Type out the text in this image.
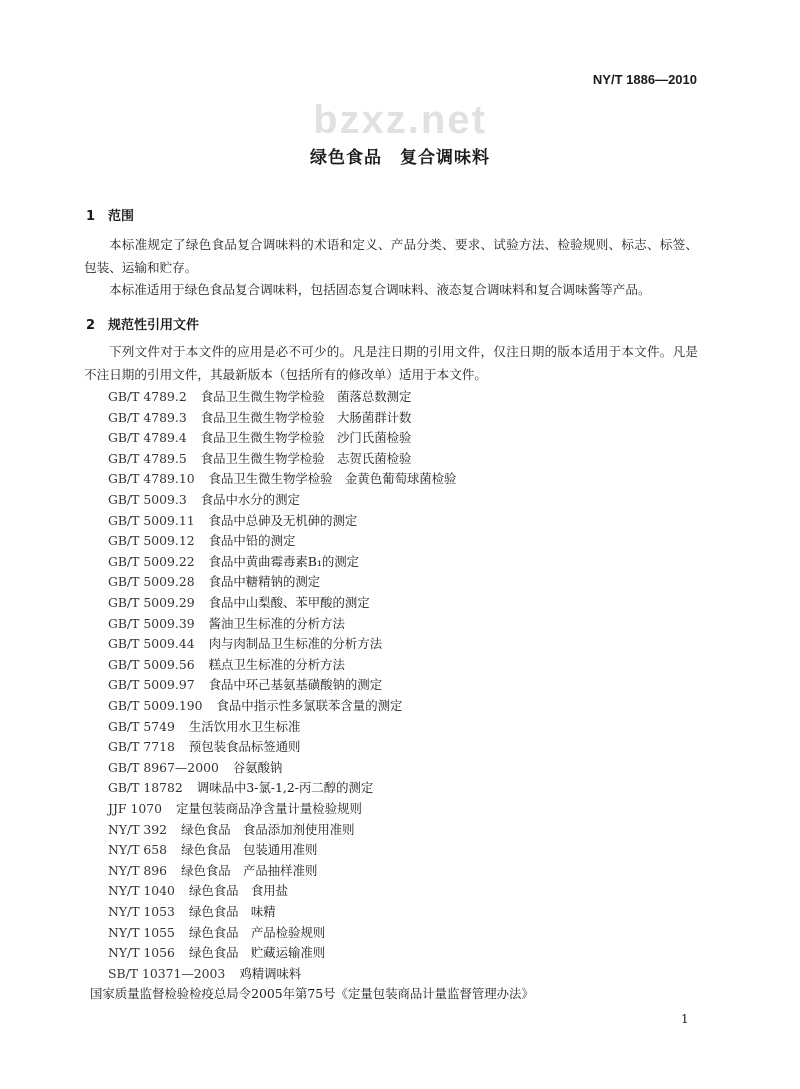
bzxz.net
NY/T 1886—2010
绿色食品　复合调味料
1 范围
本标准规定了绿色食品复合调味料的术语和定义、产品分类、要求、试验方法、检验规则、标志、标签、包装、运输和贮存。
本标准适用于绿色食品复合调味料，包括固态复合调味料、液态复合调味料和复合调味酱等产品。
2 规范性引用文件
下列文件对于本文件的应用是必不可少的。凡是注日期的引用文件，仅注日期的版本适用于本文件。凡是不注日期的引用文件，其最新版本（包括所有的修改单）适用于本文件。
GB/T 4789.2 食品卫生微生物学检验　菌落总数测定
GB/T 4789.3 食品卫生微生物学检验　大肠菌群计数
GB/T 4789.4 食品卫生微生物学检验　沙门氏菌检验
GB/T 4789.5 食品卫生微生物学检验　志贺氏菌检验
GB/T 4789.10 食品卫生微生物学检验　金黄色葡萄球菌检验
GB/T 5009.3 食品中水分的测定
GB/T 5009.11 食品中总砷及无机砷的测定
GB/T 5009.12 食品中铅的测定
GB/T 5009.22 食品中黄曲霉毒素B₁的测定
GB/T 5009.28 食品中糖精钠的测定
GB/T 5009.29 食品中山梨酸、苯甲酸的测定
GB/T 5009.39 酱油卫生标准的分析方法
GB/T 5009.44 肉与肉制品卫生标准的分析方法
GB/T 5009.56 糕点卫生标准的分析方法
GB/T 5009.97 食品中环己基氨基磺酸钠的测定
GB/T 5009.190 食品中指示性多氯联苯含量的测定
GB/T 5749 生活饮用水卫生标准
GB/T 7718 预包装食品标签通则
GB/T 8967—2000 谷氨酸钠
GB/T 18782 调味品中3-氯-1,2-丙二醇的测定
JJF 1070 定量包装商品净含量计量检验规则
NY/T 392 绿色食品　食品添加剂使用准则
NY/T 658 绿色食品　包装通用准则
NY/T 896 绿色食品　产品抽样准则
NY/T 1040 绿色食品　食用盐
NY/T 1053 绿色食品　味精
NY/T 1055 绿色食品　产品检验规则
NY/T 1056 绿色食品　贮藏运输准则
SB/T 10371—2003 鸡精调味料
国家质量监督检验检疫总局令2005年第75号《定量包装商品计量监督管理办法》
1
